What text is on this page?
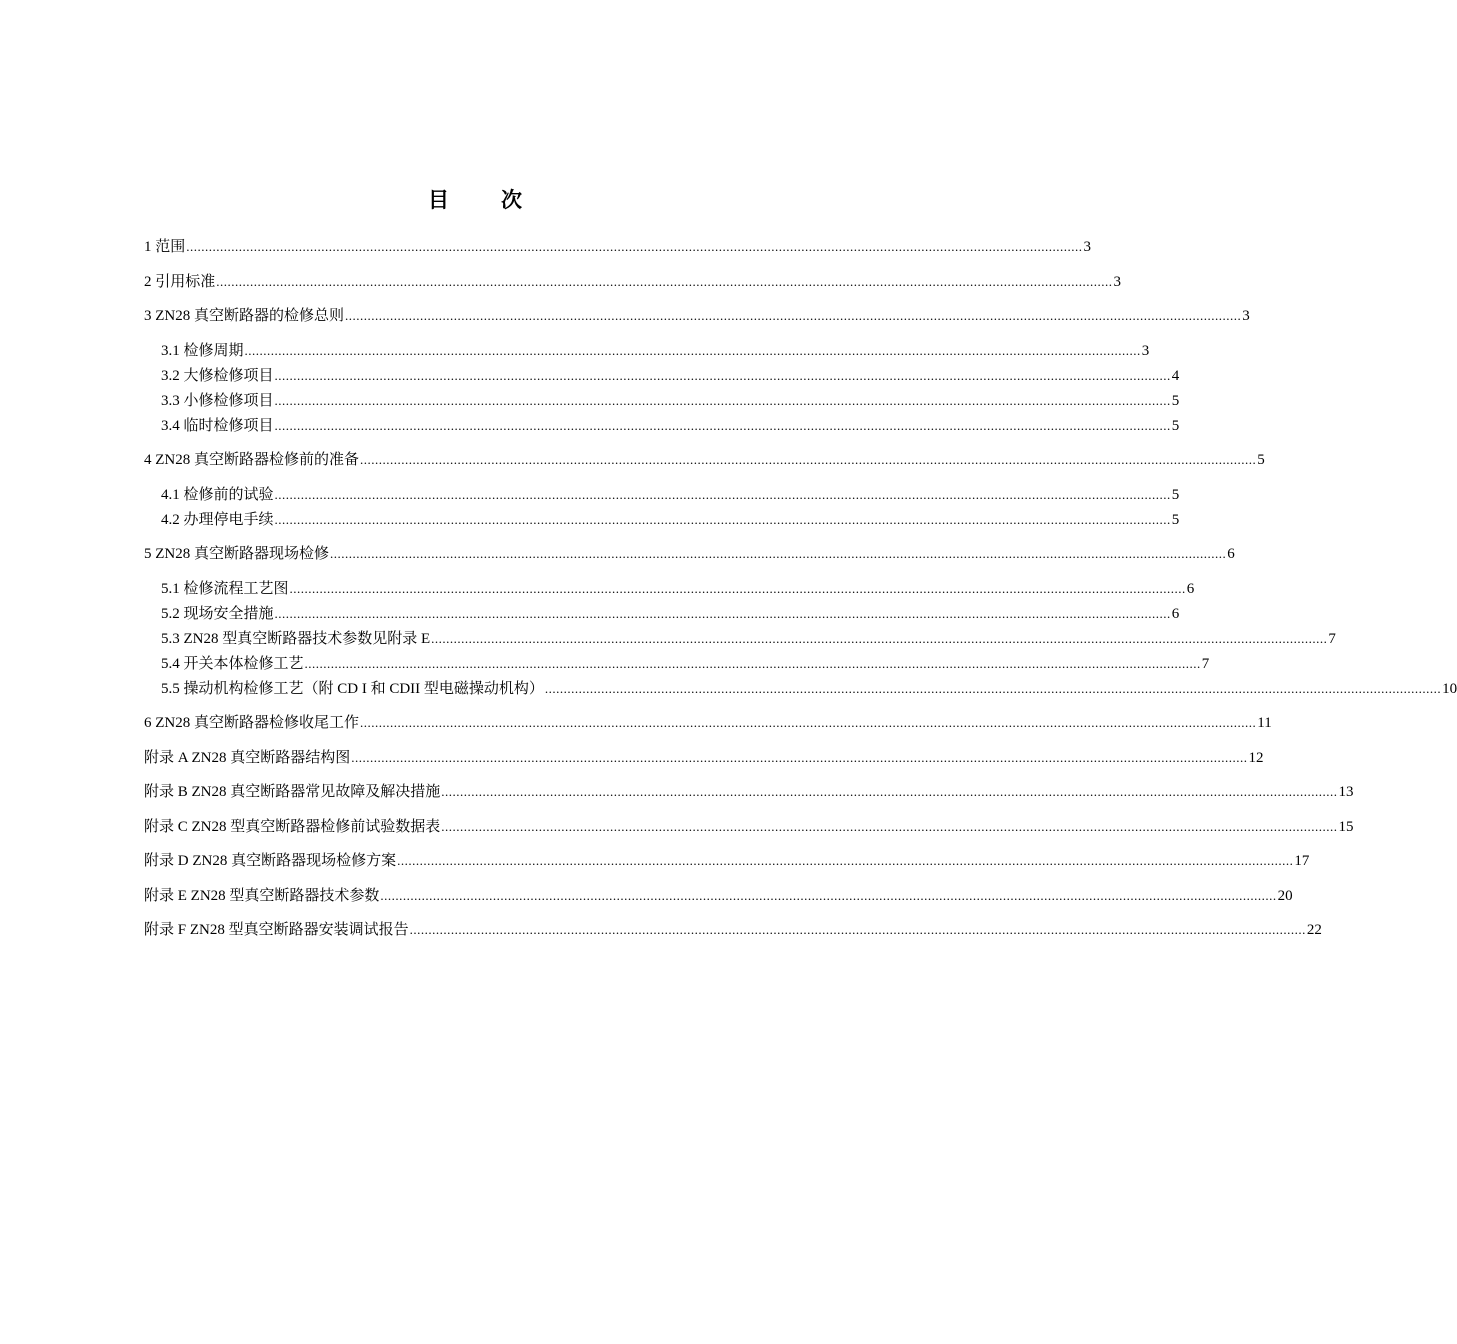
目 次
1 范围 ............................................................................................................................................................................................................................................... 3
2 引用标准 ............................................................................................................................................................................................................................................... 3
3 ZN28 真空断路器的检修总则 ............................................................................................................................................................................................................................................... 3
3.1 检修周期 ............................................................................................................................................................................................................................................... 3
3.2 大修检修项目 ............................................................................................................................................................................................................................................... 4
3.3 小修检修项目 ............................................................................................................................................................................................................................................... 5
3.4 临时检修项目 ............................................................................................................................................................................................................................................... 5
4 ZN28 真空断路器检修前的准备 ............................................................................................................................................................................................................................................... 5
4.1 检修前的试验 ............................................................................................................................................................................................................................................... 5
4.2 办理停电手续 ............................................................................................................................................................................................................................................... 5
5 ZN28 真空断路器现场检修 ............................................................................................................................................................................................................................................... 6
5.1 检修流程工艺图 ............................................................................................................................................................................................................................................... 6
5.2 现场安全措施 ............................................................................................................................................................................................................................................... 6
5.3 ZN28 型真空断路器技术参数见附录 E ............................................................................................................................................................................................................................................... 7
5.4 开关本体检修工艺 ............................................................................................................................................................................................................................................... 7
5.5 操动机构检修工艺（附 CD I 和 CDII 型电磁操动机构） ............................................................................................................................................................................................................................................... 10
6 ZN28 真空断路器检修收尾工作 ............................................................................................................................................................................................................................................... 11
附录 A ZN28 真空断路器结构图 ............................................................................................................................................................................................................................................... 12
附录 B ZN28 真空断路器常见故障及解决措施 ............................................................................................................................................................................................................................................... 13
附录 C ZN28 型真空断路器检修前试验数据表 ............................................................................................................................................................................................................................................... 15
附录 D ZN28 真空断路器现场检修方案 ............................................................................................................................................................................................................................................... 17
附录 E ZN28 型真空断路器技术参数 ............................................................................................................................................................................................................................................... 20
附录 F ZN28 型真空断路器安装调试报告 ............................................................................................................................................................................................................................................... 22
